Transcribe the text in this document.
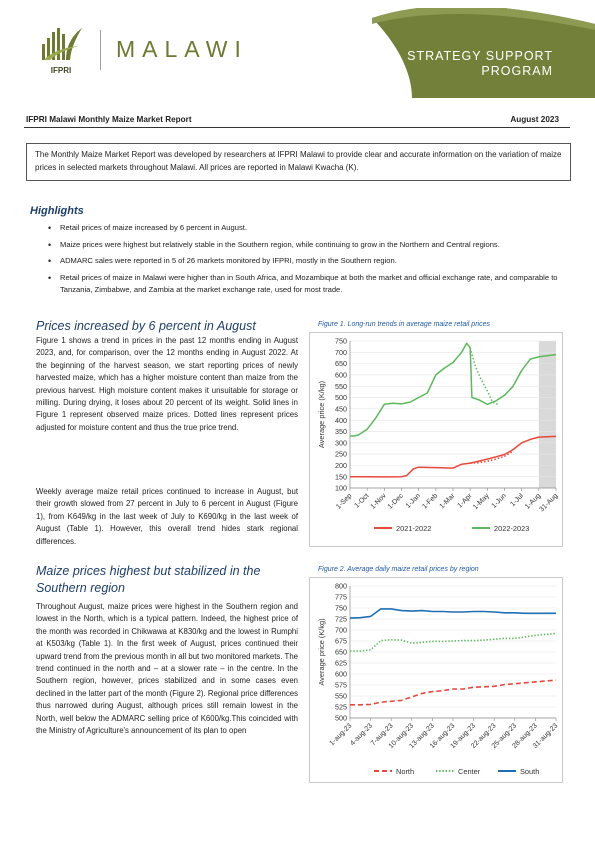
IFPRI
MALAWI	STRATEGY SUPPORT
PROGRAM
IFPRI Malawi Monthly Maize Market Report	August 2023
The Monthly Maize Market Report was developed by researchers at IFPRI Malawi to provide clear and accurate information on the variation of maize prices in selected markets throughout Malawi. All prices are reported in Malawi Kwacha (K).
Highlights
• Retail prices of maize increased by 6 percent in August.
• Maize prices were highest but relatively stable in the Southern region, while continuing to grow in the Northern and Central regions.
• ADMARC sales were reported in 5 of 26 markets monitored by IFPRI, mostly in the Southern region.
• Retail prices of maize in Malawi were higher than in South Africa, and Mozambique at both the market and official exchange rate, and comparable to Tanzania, Zimbabwe, and Zambia at the market exchange rate, used for most trade.
Prices increased by 6 percent in August

Figure 1 shows a trend in prices in the past 12 months ending in August 2023, and, for comparison, over the 12 months ending in August 2022. At the beginning of the harvest season, we start reporting prices of newly harvested maize, which has a higher moisture content than maize from the previous harvest. High moisture content makes it unsuitable for storage or milling. During drying, it loses about 20 percent of its weight. Solid lines in Figure 1 represent observed maize prices. Dotted lines represent prices adjusted for moisture content and thus the true price trend.

Weekly average maize retail prices continued to increase in August, but their growth slowed from 27 percent in July to 6 percent in August (Figure 1), from K649/kg in the last week of July to K690/kg in the last week of August (Table 1). However, this overall trend hides stark regional differences.

Maize prices highest but stabilized in the Southern region

Throughout August, maize prices were highest in the Southern region and lowest in the North, which is a typical pattern. Indeed, the highest price of the month was recorded in Chikwawa at K830/kg and the lowest in Rumphi at K503/kg (Table 1). In the first week of August, prices continued their upward trend from the previous month in all but two monitored markets. The trend continued in the north and – at a slower rate – in the centre. In the Southern region, however, prices stabilized and in some cases even declined in the latter part of the month (Figure 2). Regional price differences thus narrowed during August, although prices still remain lowest in the North, well below the ADMARC selling price of K600/kg.This coincided with the Ministry of Agriculture's announcement of its plan to open

Figure 1. Long-run trends in average maize retail prices
100
150
200
250
300
350
400
450
500
550
600
650
700
750
Average price (K/kg)
1-Sep 1-Oct 1-Nov 1-Dec 1-Jan 1-Feb 1-Mar 1-Apr
1-May 1-Jun 1-Jul 1-Aug
31-Aug
2021-2022	2022-2023
Figure 2. Average daily maize retail prices by region
500
525
550
575
600
625
650
675
700
725
750
775
800
Average price (K/kg)
1-aug-23
4-aug-23
7-aug-23
10-aug-23
13-aug-23
16-aug-23
19-aug-23
22-aug-23
25-aug-23
28-aug-23
31-aug-23
North	Center	South
